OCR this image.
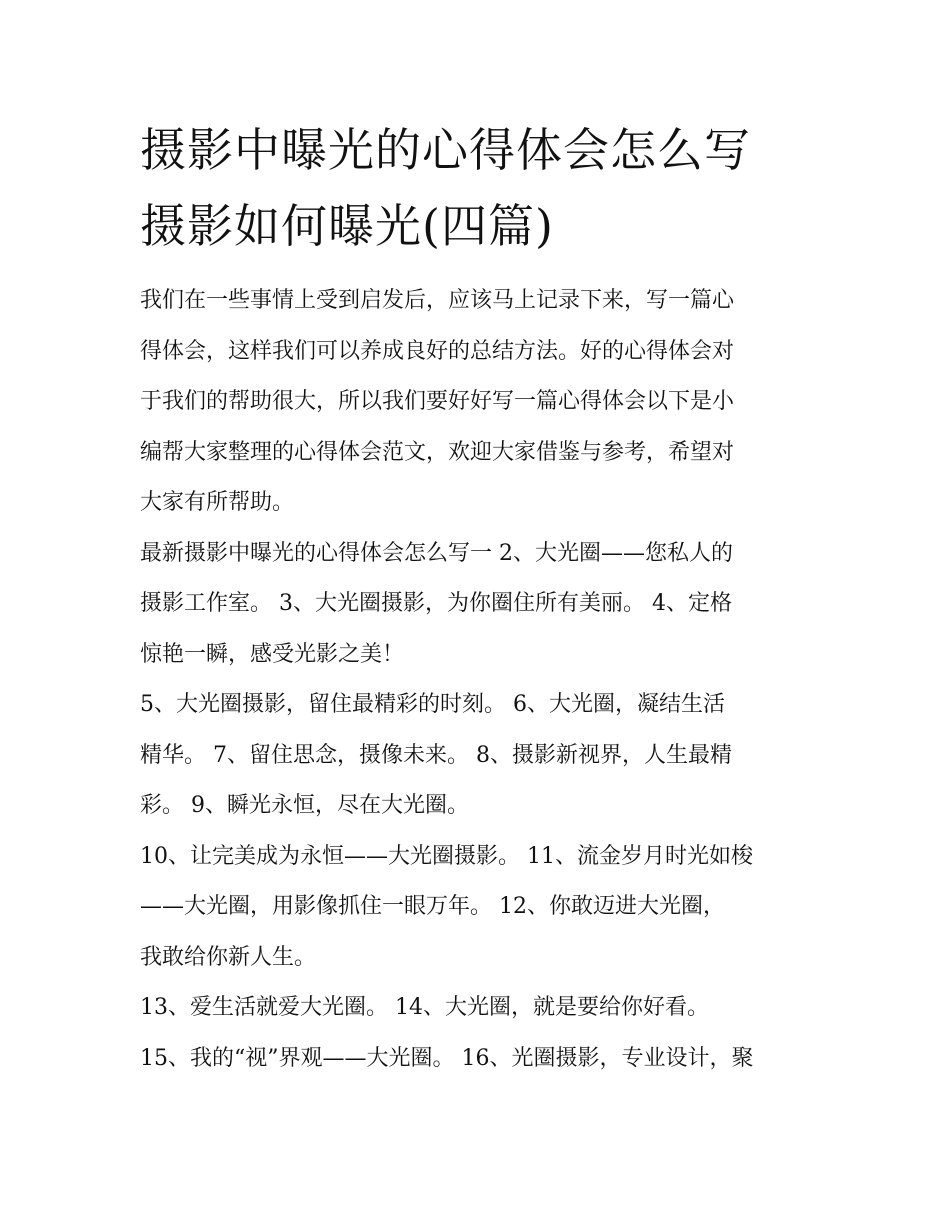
摄影中曝光的心得体会怎么写
摄影如何曝光(四篇)

我们在一些事情上受到启发后，应该马上记录下来，写一篇心
得体会，这样我们可以养成良好的总结方法。好的心得体会对
于我们的帮助很大，所以我们要好好写一篇心得体会以下是小
编帮大家整理的心得体会范文，欢迎大家借鉴与参考，希望对
大家有所帮助。

最新摄影中曝光的心得体会怎么写一 2、大光圈——您私人的
摄影工作室。 3、大光圈摄影，为你圈住所有美丽。 4、定格
惊艳一瞬，感受光影之美！

5、大光圈摄影，留住最精彩的时刻。 6、大光圈，凝结生活
精华。 7、留住思念，摄像未来。 8、摄影新视界，人生最精
彩。 9、瞬光永恒，尽在大光圈。

10、让完美成为永恒——大光圈摄影。 11、流金岁月时光如梭
——大光圈，用影像抓住一眼万年。 12、你敢迈进大光圈，
我敢给你新人生。

13、爱生活就爱大光圈。 14、大光圈，就是要给你好看。

15、我的“视”界观——大光圈。 16、光圈摄影，专业设计，聚
